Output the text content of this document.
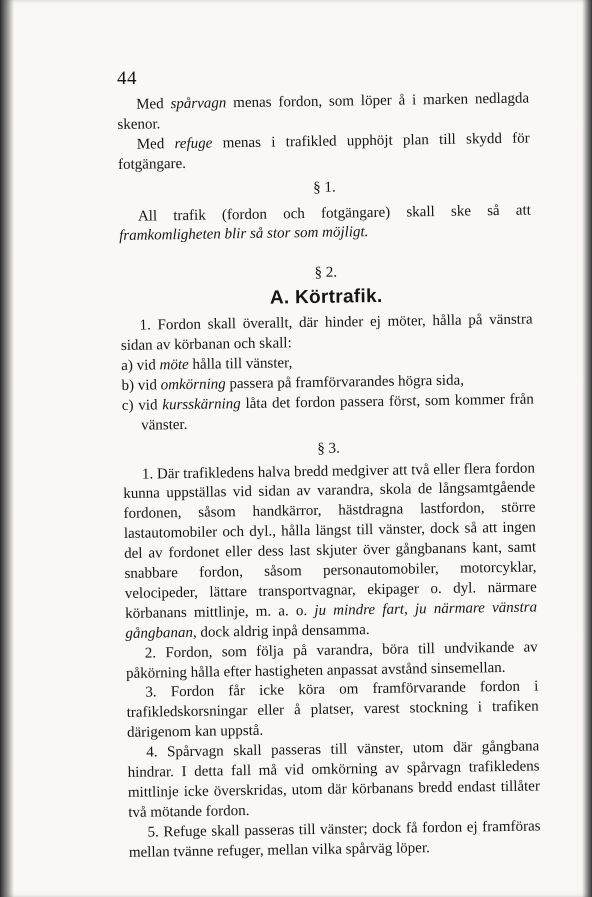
44

Med spårvagn menas fordon, som löper å i marken nedlagda skenor.

Med refuge menas i trafikled upphöjt plan till skydd för fotgängare.

§ 1.

All trafik (fordon och fotgängare) skall ske så att framkomligheten blir så stor som möjligt.

§ 2.

A. Körtrafik.

1. Fordon skall överallt, där hinder ej möter, hålla på vänstra sidan av körbanan och skall:

a) vid möte hålla till vänster,

b) vid omkörning passera på framförvarandes högra sida,

c) vid kursskärning låta det fordon passera först, som kommer från vänster.

§ 3.

1. Där trafikledens halva bredd medgiver att två eller flera fordon kunna uppställas vid sidan av varandra, skola de långsamtgående fordonen, såsom handkärror, hästdragna lastfordon, större lastautomobiler och dyl., hålla längst till vänster, dock så att ingen del av fordonet eller dess last skjuter över gångbanans kant, samt snabbare fordon, såsom personautomobiler, motorcyklar, velocipeder, lättare transportvagnar, ekipager o. dyl. närmare körbanans mittlinje, m. a. o. ju mindre fart, ju närmare vänstra gångbanan, dock aldrig inpå densamma.

2. Fordon, som följa på varandra, böra till undvikande av påkörning hålla efter hastigheten anpassat avstånd sinsemellan.

3. Fordon får icke köra om framförvarande fordon i trafikledskorsningar eller å platser, varest stockning i trafiken därigenom kan uppstå.

4. Spårvagn skall passeras till vänster, utom där gångbana hindrar. I detta fall må vid omkörning av spårvagn trafikledens mittlinje icke överskridas, utom där körbanans bredd endast tillåter två mötande fordon.

5. Refuge skall passeras till vänster; dock få fordon ej framföras mellan tvänne refuger, mellan vilka spårväg löper.
